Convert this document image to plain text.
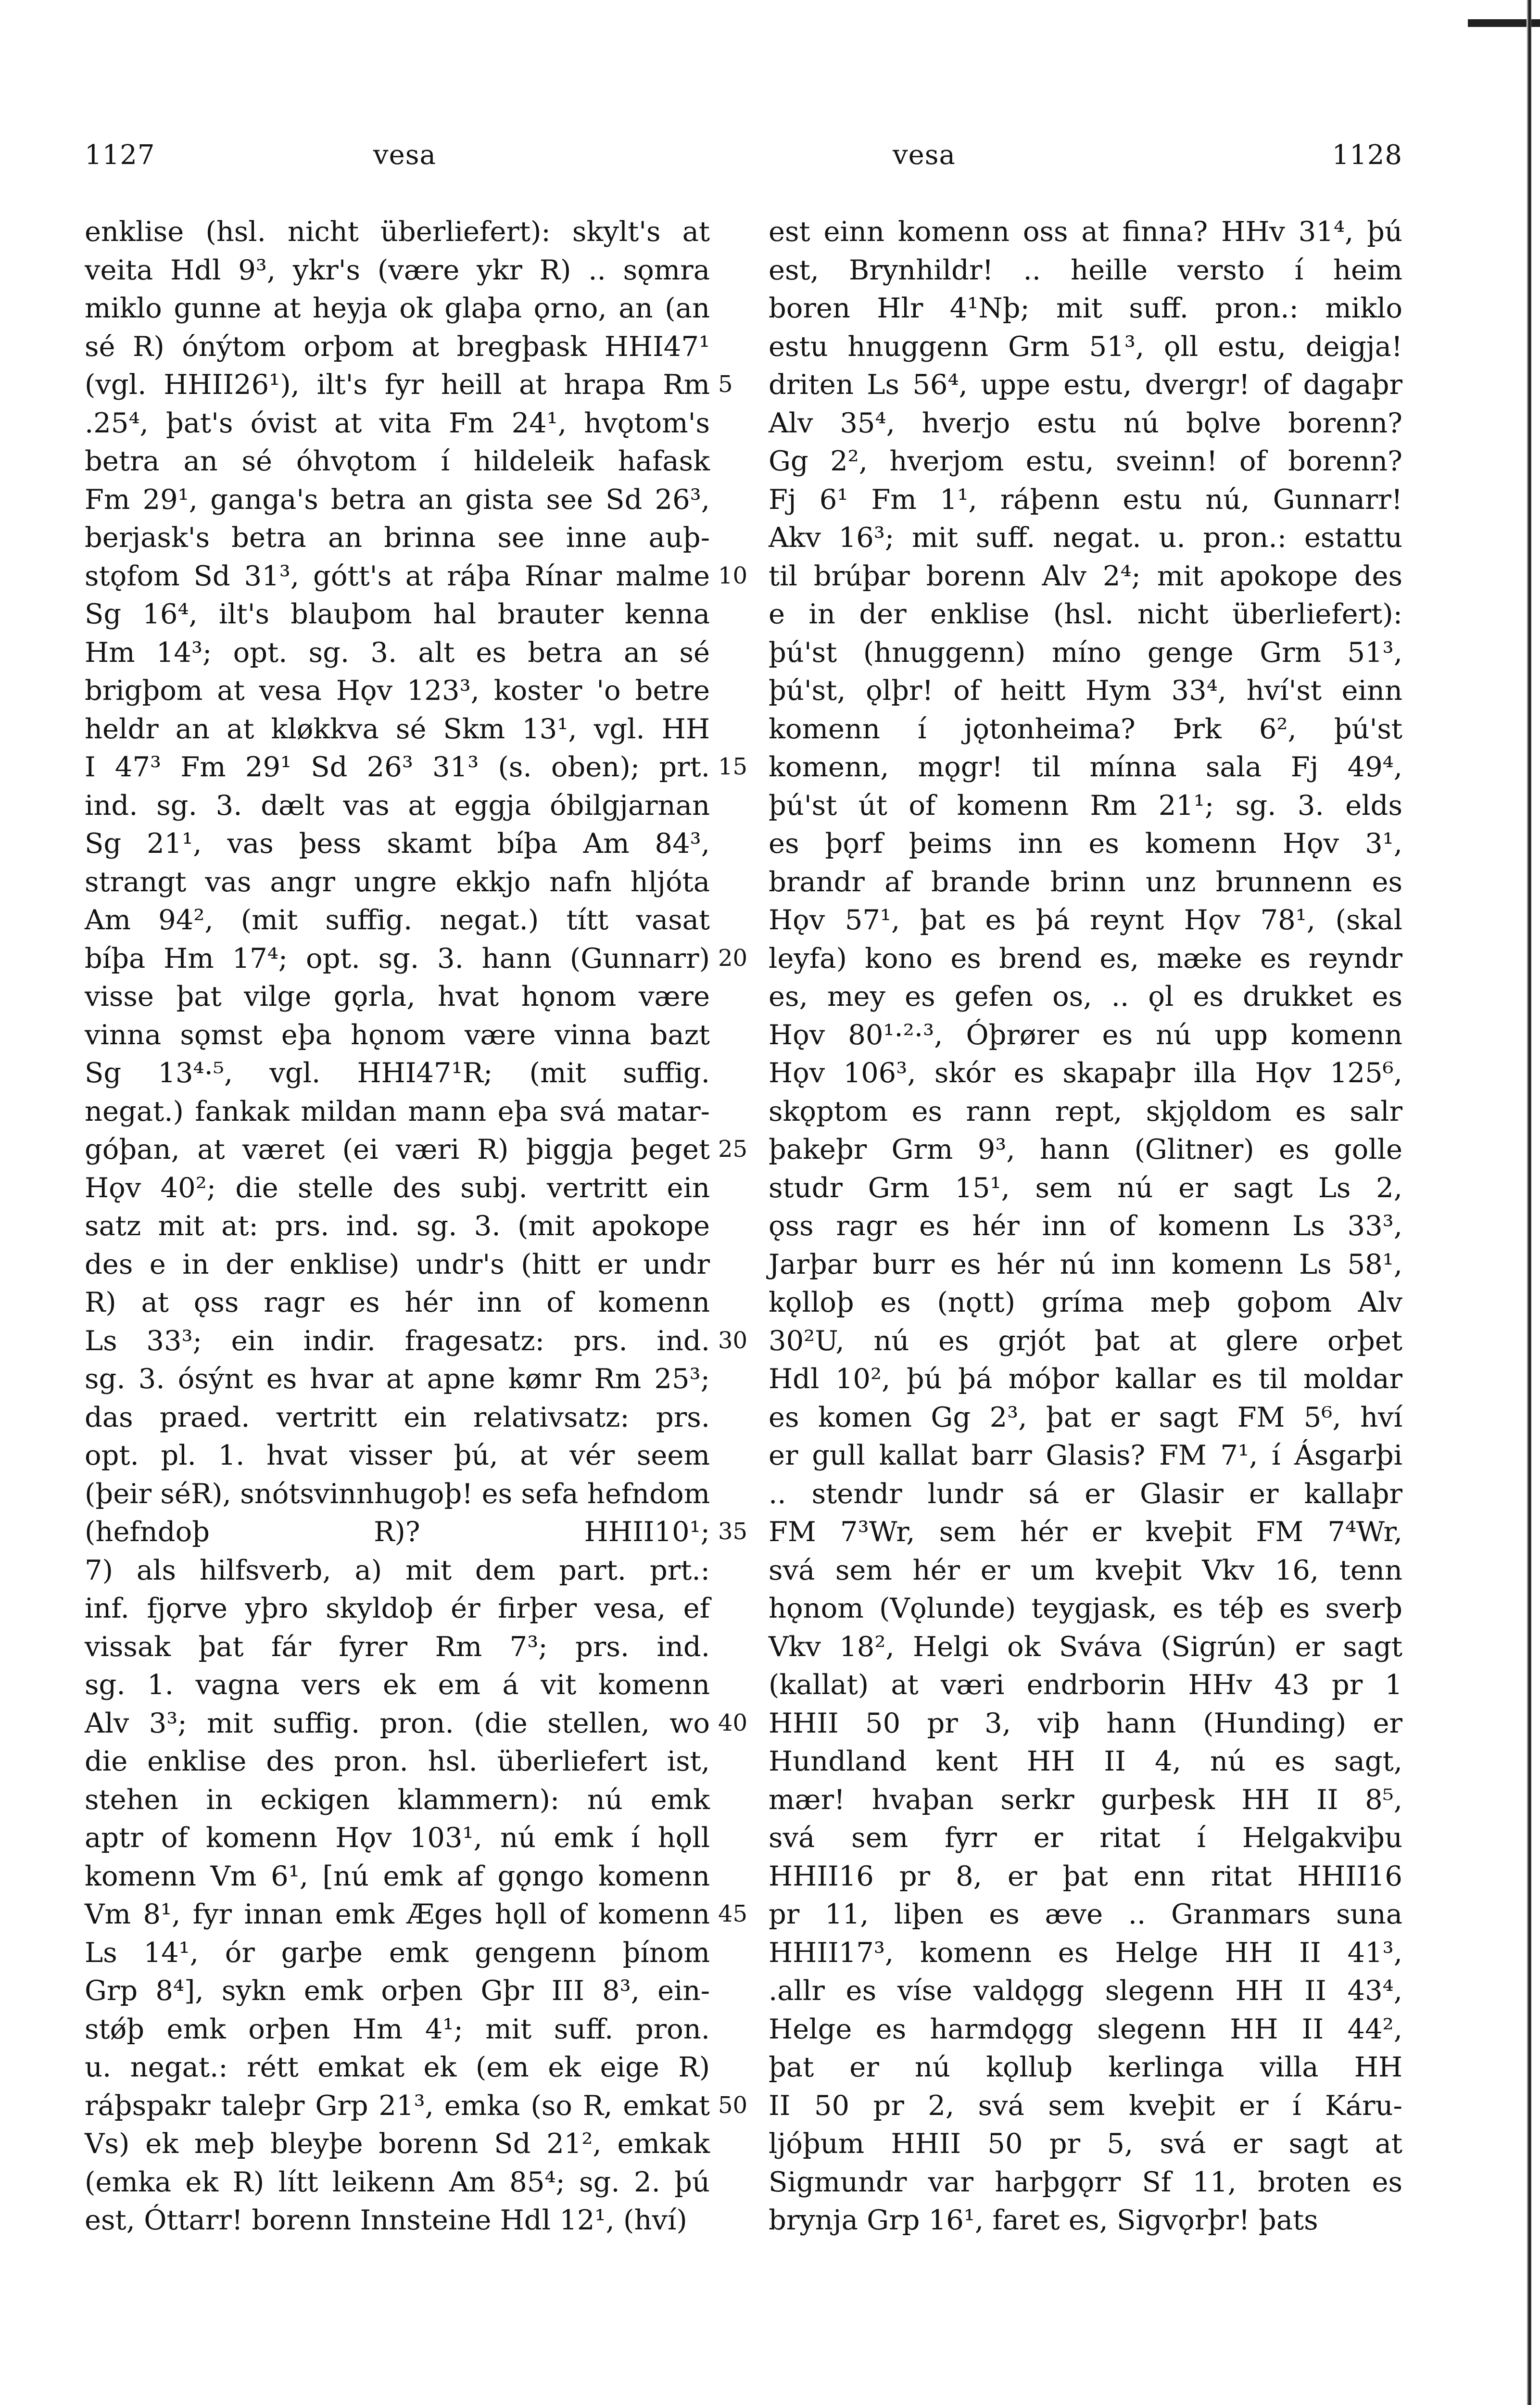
1127	vesa	vesa	1128
enklise (hsl. nicht überliefert): skylt's at
veita Hdl 9³, ykr's (være ykr R) .. sǫmra
miklo gunne at heyja ok glaþa ǫrno, an (an
sé R) ónýtom orþom at bregþask HHI47¹
(vgl. HHII26¹), ilt's fyr heill at hrapa Rm
.25⁴, þat's óvist at vita Fm 24¹, hvǫtom's
betra an sé óhvǫtom í hildeleik hafask
Fm 29¹, ganga's betra an gista see Sd 26³,
berjask's betra an brinna see inne auþ-
stǫfom Sd 31³, gótt's at ráþa Rínar malme
Sg 16⁴, ilt's blauþom hal brauter kenna
Hm 14³; opt. sg. 3. alt es betra an sé
brigþom at vesa Hǫv 123³, koster 'o betre
heldr an at kløkkva sé Skm 13¹, vgl. HH
I 47³ Fm 29¹ Sd 26³ 31³ (s. oben); prt.
ind. sg. 3. dælt vas at eggja óbilgjarnan
Sg 21¹, vas þess skamt bíþa Am 84³,
strangt vas angr ungre ekkjo nafn hljóta
Am 94², (mit suffig. negat.) títt vasat
bíþa Hm 17⁴; opt. sg. 3. hann (Gunnarr)
visse þat vilge gǫrla, hvat hǫnom være
vinna sǫmst eþa hǫnom være vinna bazt
Sg 13⁴·⁵, vgl. HHI47¹R; (mit suffig.
negat.) fankak mildan mann eþa svá matar-
góþan, at været (ei væri R) þiggja þeget
Hǫv 40²; die stelle des subj. vertritt ein
satz mit at: prs. ind. sg. 3. (mit apokope
des e in der enklise) undr's (hitt er undr
R) at ǫss ragr es hér inn of komenn
Ls 33³; ein indir. fragesatz: prs. ind.
sg. 3. ósýnt es hvar at apne kømr Rm 25³;
das praed. vertritt ein relativsatz: prs.
opt. pl. 1. hvat visser þú, at vér seem
(þeir séR), snótsvinnhugoþ! es sefa hefndom
(hefndoþ R)? HHII10¹;
7) als hilfsverb, a) mit dem part. prt.:
inf. fjǫrve yþro skyldoþ ér firþer vesa, ef
vissak þat fár fyrer Rm 7³; prs. ind.
sg. 1. vagna vers ek em á vit komenn
Alv 3³; mit suffig. pron. (die stellen, wo
die enklise des pron. hsl. überliefert ist,
stehen in eckigen klammern): nú emk
aptr of komenn Hǫv 103¹, nú emk í hǫll
komenn Vm 6¹, [nú emk af gǫngo komenn
Vm 8¹, fyr innan emk Æges hǫll of komenn
Ls 14¹, ór garþe emk gengenn þínom
Grp 8⁴], sykn emk orþen Gþr III 8³, ein-
stǿþ emk orþen Hm 4¹; mit suff. pron.
u. negat.: rétt emkat ek (em ek eige R)
ráþspakr taleþr Grp 21³, emka (so R, emkat
Vs) ek meþ bleyþe borenn Sd 21², emkak
(emka ek R) lítt leikenn Am 85⁴; sg. 2. þú
est, Óttarr! borenn Innsteine Hdl 12¹, (hví)
5
10
15
20
25
30
35
40
45
50
est einn komenn oss at finna? HHv 31⁴, þú
est, Brynhildr! .. heille versto í heim
boren Hlr 4¹Nþ; mit suff. pron.: miklo
estu hnuggenn Grm 51³, ǫll estu, deigja!
driten Ls 56⁴, uppe estu, dvergr! of dagaþr
Alv 35⁴, hverjo estu nú bǫlve borenn?
Gg 2², hverjom estu, sveinn! of borenn?
Fj 6¹ Fm 1¹, ráþenn estu nú, Gunnarr!
Akv 16³; mit suff. negat. u. pron.: estattu
til brúþar borenn Alv 2⁴; mit apokope des
e in der enklise (hsl. nicht überliefert):
þú'st (hnuggenn) míno genge Grm 51³,
þú'st, ǫlþr! of heitt Hym 33⁴, hví'st einn
komenn í jǫtonheima? Þrk 6², þú'st
komenn, mǫgr! til mínna sala Fj 49⁴,
þú'st út of komenn Rm 21¹; sg. 3. elds
es þǫrf þeims inn es komenn Hǫv 3¹,
brandr af brande brinn unz brunnenn es
Hǫv 57¹, þat es þá reynt Hǫv 78¹, (skal
leyfa) kono es brend es, mæke es reyndr
es, mey es gefen os, .. ǫl es drukket es
Hǫv 80¹·²·³, Óþrører es nú upp komenn
Hǫv 106³, skór es skapaþr illa Hǫv 125⁶,
skǫptom es rann rept, skjǫldom es salr
þakeþr Grm 9³, hann (Glitner) es golle
studr Grm 15¹, sem nú er sagt Ls 2,
ǫss ragr es hér inn of komenn Ls 33³,
Jarþar burr es hér nú inn komenn Ls 58¹,
kǫlloþ es (nǫtt) gríma meþ goþom Alv
30²U, nú es grjót þat at glere orþet
Hdl 10², þú þá móþor kallar es til moldar
es komen Gg 2³, þat er sagt FM 5⁶, hví
er gull kallat barr Glasis? FM 7¹, í Ásgarþi
.. stendr lundr sá er Glasir er kallaþr
FM 7³Wr, sem hér er kveþit FM 7⁴Wr,
svá sem hér er um kveþit Vkv 16, tenn
hǫnom (Vǫlunde) teygjask, es téþ es sverþ
Vkv 18², Helgi ok Sváva (Sigrún) er sagt
(kallat) at væri endrborin HHv 43 pr 1
HHII 50 pr 3, viþ hann (Hunding) er
Hundland kent HH II 4, nú es sagt,
mær! hvaþan serkr gurþesk HH II 8⁵,
svá sem fyrr er ritat í Helgakviþu
HHII16 pr 8, er þat enn ritat HHII16
pr 11, liþen es æve .. Granmars suna
HHII17³, komenn es Helge HH II 41³,
.allr es víse valdǫgg slegenn HH II 43⁴,
Helge es harmdǫgg slegenn HH II 44²,
þat er nú kǫlluþ kerlinga villa HH
II 50 pr 2, svá sem kveþit er í Káru-
ljóþum HHII 50 pr 5, svá er sagt at
Sigmundr var harþgǫrr Sf 11, broten es
brynja Grp 16¹, faret es, Sigvǫrþr! þats
